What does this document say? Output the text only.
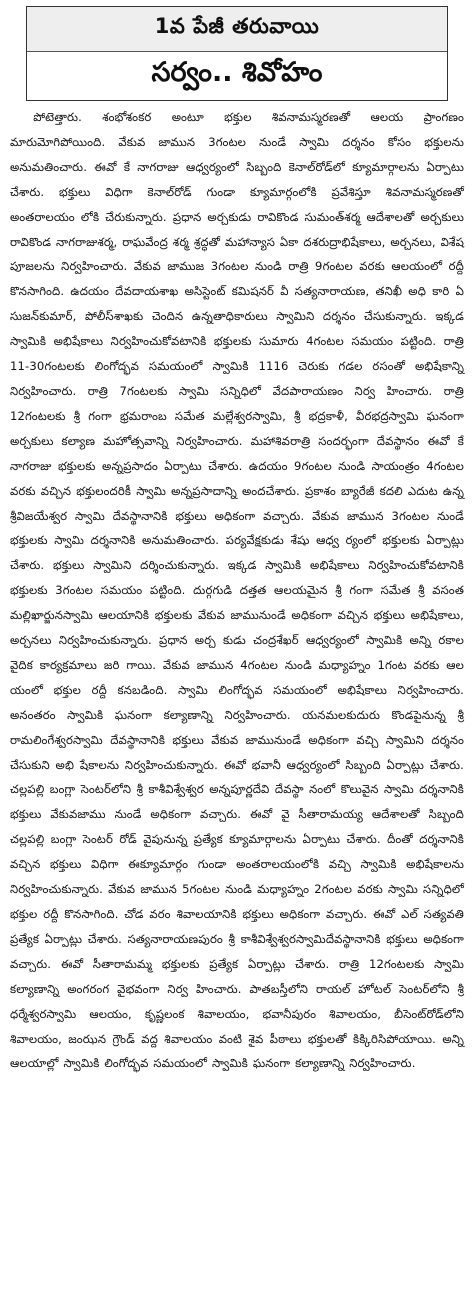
1వ పేజీ తరువాయి
సర్వం.. శివోహం
పోటెత్తారు. శంభోశంకర అంటూ భక్తుల శివనామస్మరణతో ఆలయ ప్రాంగణం మారుమోగిపోయింది. వేకువ జామున 3గంటల నుండే స్వామి దర్శనం కోసం భక్తులను అనుమతించారు. ఈవో కే నాగరాజు ఆధ్వర్యంలో సిబ్బంది కెనాల్‌రోడ్‌లో క్యూమార్గాలను ఏర్పాటు చేశారు. భక్తులు విధిగా కెనాల్‌రోడ్ గుండా క్యూమార్గంలోకి ప్రవేశిస్తూ శివనామస్మరణతో అంతరాలయం లోకి చేరుకున్నారు. ప్రధాన అర్చకుడు రావికొండ సుమంత్‌శర్మ ఆదేశాలతో అర్చకులు రావికొండ నాగరాజుశర్మ, రాఘవేంద్ర శర్మ శ్రద్ధతో మహాన్యాస ఏకా దశరుద్రాభిషేకాలు, అర్చనలు, విశేష పూజలను నిర్వహించారు. వేకువ జాముజ 3గంటల నుండి రాత్రి 9గంటల వరకు ఆలయంలో రద్దీ కొనసాగింది. ఉదయం దేవదాయశాఖ అసిస్టెంట్ కమిషనర్ వీ సత్యనారాయణ, తనిఖీ అధి కారి ఏ సుజన్‌కుమార్, పోలీస్‌శాఖకు చెందిన ఉన్నతాధికారులు స్వామిని దర్శనం చేసుకున్నారు. ఇక్కడ స్వామికి అభిషేకాలు నిర్వహించుకోవటానికి భక్తులకు సుమారు 4గంటల సమయం పట్టింది. రాత్రి 11-30గంటలకు లింగోద్భవ సమయంలో స్వామికి 1116 చెరుకు గడల రసంతో అభిషేకాన్ని నిర్వహించారు. రాత్రి 7గంటలకు స్వామి సన్నిధిలో వేదపారాయణం నిర్వ హించారు. రాత్రి 12గంటలకు శ్రీ గంగా భ్రమరాంబ సమేత మల్లేశ్వరస్వామి, శ్రీ భద్రకాళీ, వీరభద్రస్వామి ఘనంగా అర్చకులు కల్యాణ మహోత్సవాన్ని నిర్వహించారు. మహాశివరాత్రి సందర్భంగా దేవస్థానం ఈవో కే నాగరాజు భక్తులకు అన్నప్రసాదం ఏర్పాటు చేశారు. ఉదయం 9గంటల నుండి సాయంత్రం 4గంటల వరకు వచ్చిన భక్తులందరికీ స్వామి అన్నప్రసాదాన్ని అందచేశారు. ప్రకాశం బ్యారేజీ కదలి ఎదుట ఉన్న శ్రీవిజయేశ్వర స్వామి దేవస్థానానికి భక్తులు అధికంగా వచ్చారు. వేకువ జామున 3గంటల నుండే భక్తులకు స్వామి దర్శనానికి అనుమతించారు. పర్యవేక్షకుడు శేషు ఆధ్వ ర్యంలో భక్తులకు ఏర్పాట్లు చేశారు. భక్తులు స్వామిని దర్శించుకున్నారు. ఇక్కడ స్వామికి అభిషేకాలు నిర్వహించుకోవటానికి భక్తులకు 3గంటల సమయం పట్టింది. దుర్గగుడి దత్తత ఆలయమైన శ్రీ గంగా సమేత శ్రీ వసంత మల్లిఖార్జునస్వామి ఆలయానికి భక్తులకు వేకువ జామునుండే అధికంగా వచ్చిన భక్తులు అభిషేకాలు, అర్చనలు నిర్వహించుకున్నారు. ప్రధాన అర్చ కుడు చంద్రశేఖర్ ఆధ్వర్యంలో స్వామికి అన్ని రకాల వైదిక కార్యక్రమాలు జరి గాయి. వేకువ జామున 4గంటల నుండి మధ్యాహ్నం 1గంట వరకు ఆల యంలో భక్తుల రద్దీ కనబడింది. స్వామి లింగోద్భవ సమయంలో అభిషేకాలు నిర్వహించారు. అనంతరం స్వామికి ఘనంగా కల్యాణాన్ని నిర్వహించారు. యనమలకుదురు కొండపైనున్న శ్రీ రామలింగేశ్వరస్వామి దేవస్థానానికి భక్తులు వేకువ జామునుండే అధికంగా వచ్చి స్వామిని దర్శనం చేసుకుని అభి షేకాలను నిర్వహించుకున్నారు. ఈవో భవానీ ఆధ్వర్యంలో సిబ్బంది ఏర్పాట్లు చేశారు. చల్లపల్లి బంగ్లా సెంటర్‌లోని శ్రీ కాశీవిశ్వేశ్వర అన్నపూర్ణదేవి దేవస్థా నంలో కొలువైన స్వామి దర్శనానికి భక్తులు వేకువజాము నుండే అధికంగా వచ్చారు. ఈవో వై సీతారామయ్య ఆదేశాలతో సిబ్బంది చల్లపల్లి బంగ్లా సెంటర్ రోడ్ వైపునున్న ప్రత్యేక క్యూమార్గాలను ఏర్పాటు చేశారు. దీంతో దర్శనానికి వచ్చిన భక్తులు విధిగా ఈక్యూమార్గం గుండా అంతరాలయంలోకి వచ్చి స్వామికి అభిషేకాలను నిర్వహించుకున్నారు. వేకువ జామున 5గంటల నుండి మధ్యాహ్నం 2గంటల వరకు స్వామి సన్నిధిలో భక్తుల రద్దీ కొనసాగింది. చోడ వరం శివాలయానికి భక్తులు అధికంగా వచ్చారు. ఈవో ఎల్ సత్యవతి ప్రత్యేక ఏర్పాట్లు చేశారు. సత్యనారాయణపురం శ్రీ కాశీవిశ్వేశ్వరస్వామిదేవస్థానానికి భక్తులు అధికంగా వచ్చారు. ఈవో సీతారామమ్మ భక్తులకు ప్రత్యేక ఏర్పాట్లు చేశారు. రాత్రి 12గంటలకు స్వామి కల్యాణాన్ని అంగరంగ వైభవంగా నిర్వ హించారు. పాతబస్తీలోని రాయల్ హోటల్ సెంటర్‌లోని శ్రీ ధర్మేశ్వరస్వామి ఆలయం, కృష్ణలంక శివాలయం, భవానీపురం శివాలయం, బీసెంట్‌రోడ్‌లోని శివాలయం, జంఝన గ్రౌండ్ వద్ద శివాలయం వంటి శైవ పీఠాలు భక్తులతో కిక్కిరిసిపోయాయి. అన్ని ఆలయాల్లో స్వామికి లింగోద్భవ సమయంలో స్వామికి ఘనంగా కల్యాణాన్ని నిర్వహించారు.
